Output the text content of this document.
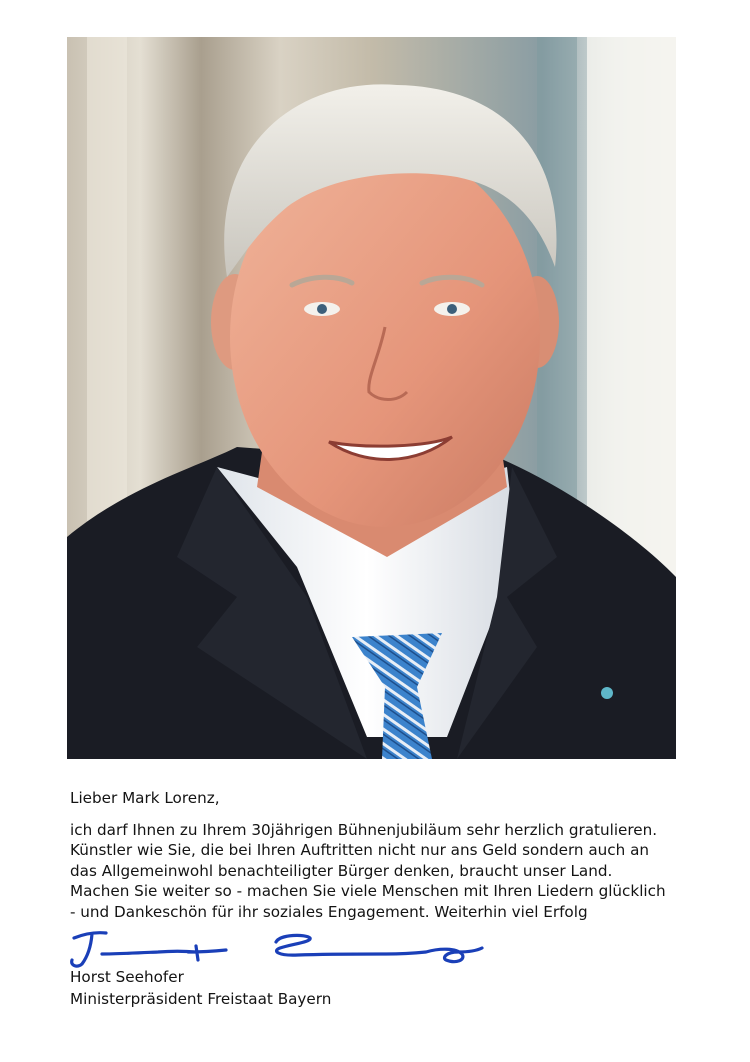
Lieber Mark Lorenz,

ich darf Ihnen zu Ihrem 30jährigen Bühnenjubiläum sehr herzlich gratulieren.

Künstler wie Sie, die bei Ihren Auftritten nicht nur ans Geld sondern auch an

das Allgemeinwohl benachteiligter Bürger denken, braucht unser Land.

Machen Sie weiter so - machen Sie viele Menschen mit Ihren Liedern glücklich

- und Dankeschön für ihr soziales Engagement. Weiterhin viel Erfolg

Horst Seehofer

Ministerpräsident Freistaat Bayern
